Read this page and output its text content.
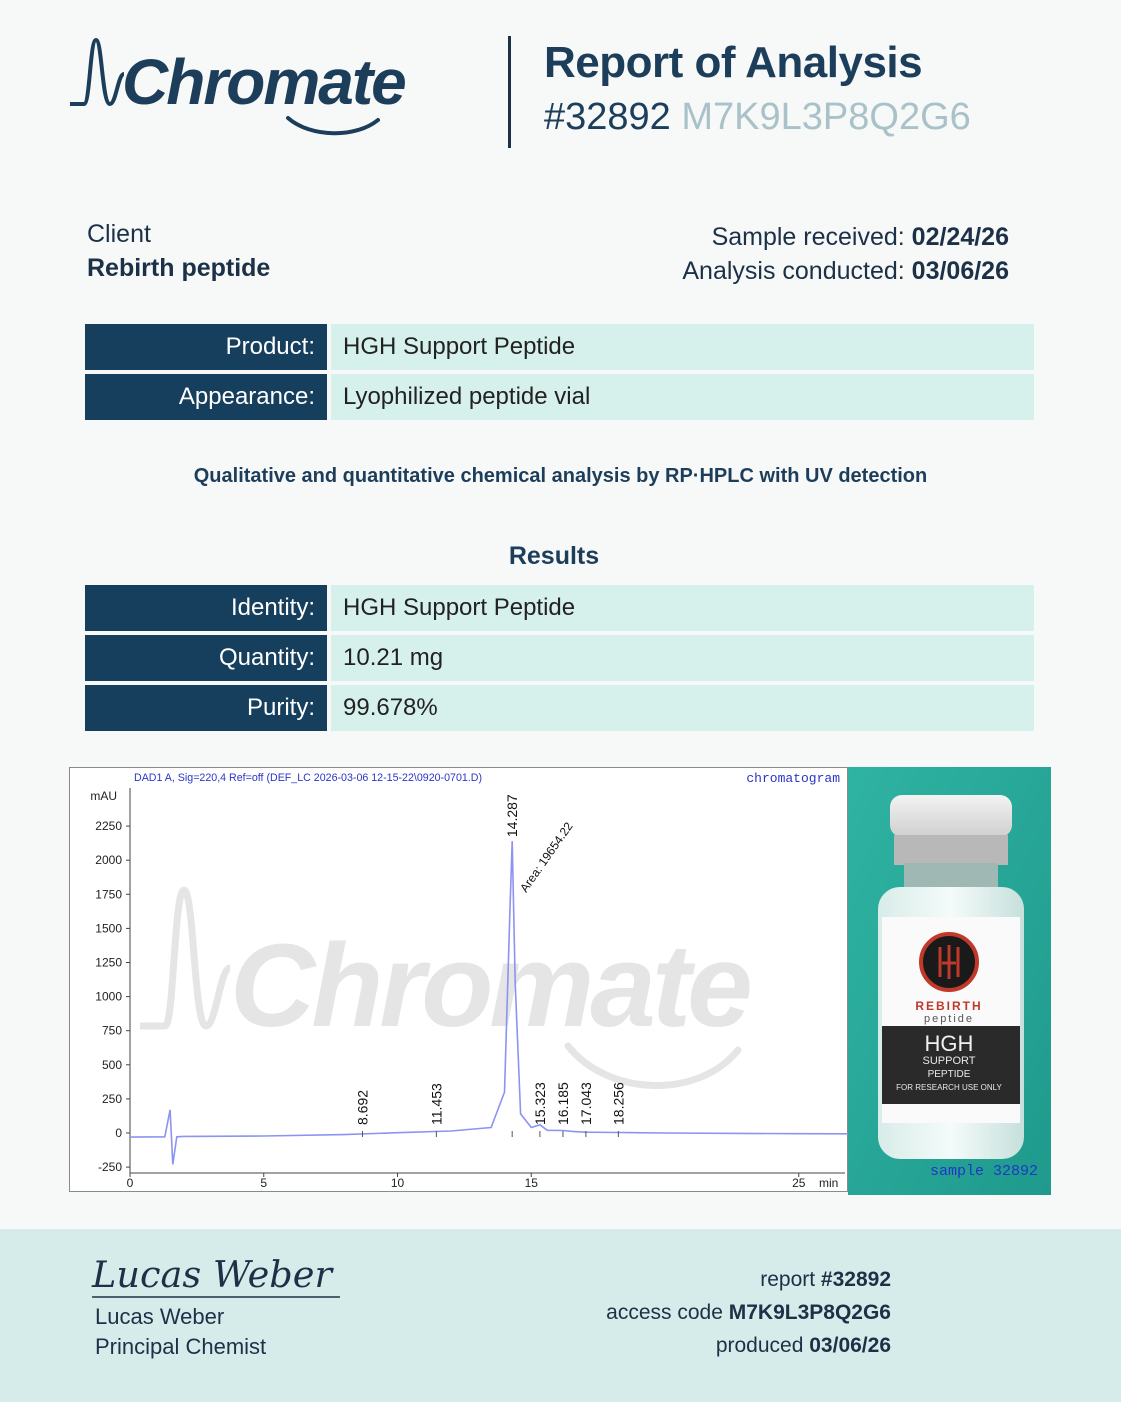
Chromate	Report of Analysis
#32892 M7K9L3P8Q2G6
Client
Rebirth peptide
Sample received: 02/24/26
Analysis conducted: 03/06/26
Product:	HGH Support Peptide
Appearance:	Lyophilized peptide vial
Qualitative and quantitative chemical analysis by RP·HPLC with UV detection
Results
Identity:	HGH Support Peptide
Quantity:	10.21 mg
Purity:	99.678%
Chromate
DAD1 A, Sig=220,4 Ref=off (DEF_LC 2026-03-06 12-15-22\0920-0701.D)	chromatogram
mAU
min
-250
0
250
500
750
1000
1250
1500
1750
2000
2250
0	5	10	15	25
8.692	11.453
14.287
Area: 19654.22
15.323 16.185 17.043 18.256
REBIRTH
peptide
HGH
SUPPORT
PEPTIDE
FOR RESEARCH USE ONLY
sample 32892
Lucas Weber
Lucas Weber
Principal Chemist
report #32892
access code M7K9L3P8Q2G6
produced 03/06/26
